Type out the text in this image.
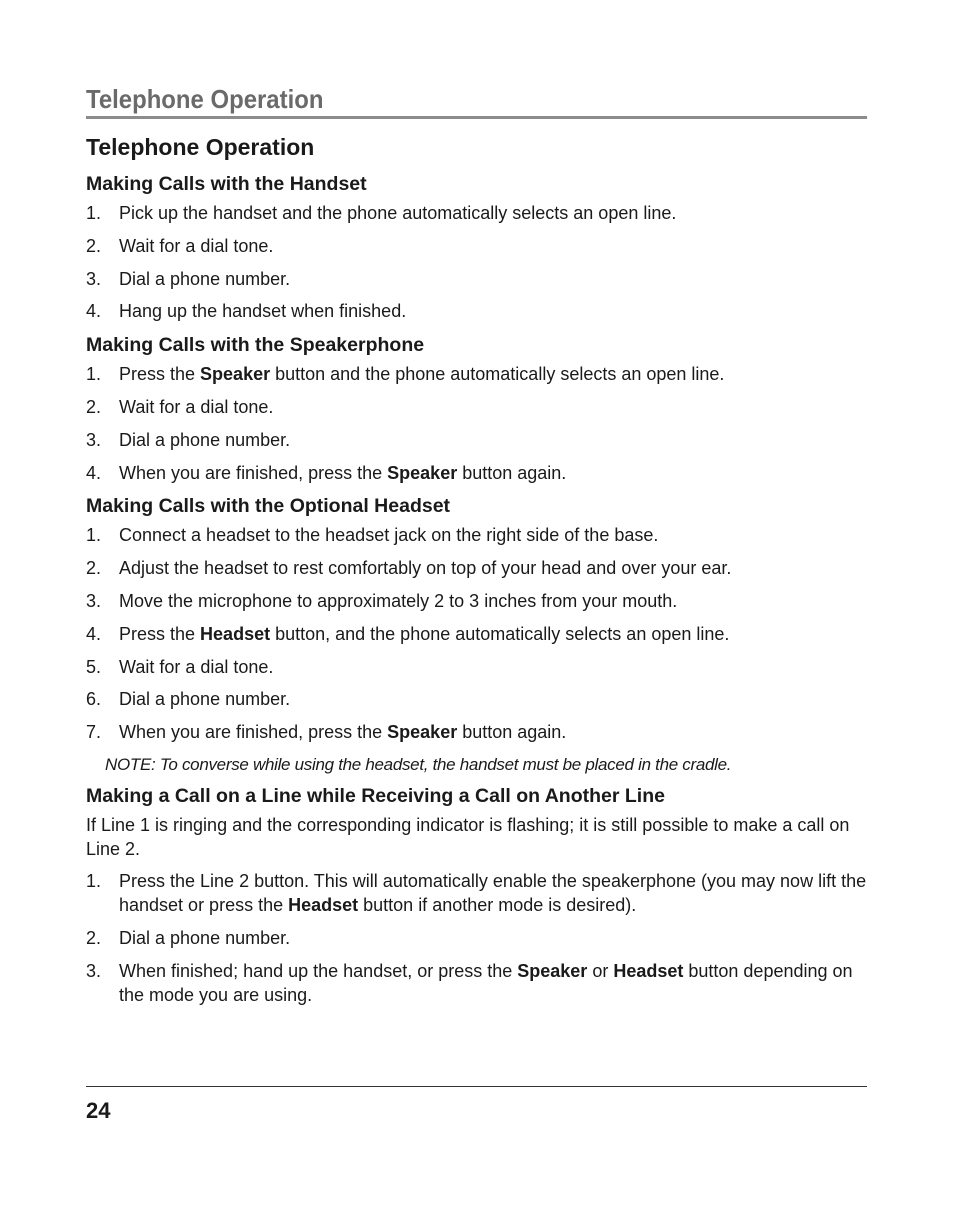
Telephone Operation
Telephone Operation
Making Calls with the Handset
1. Pick up the handset and the phone automatically selects an open line.
2. Wait for a dial tone.
3. Dial a phone number.
4. Hang up the handset when finished.
Making Calls with the Speakerphone
1. Press the Speaker button and the phone automatically selects an open line.
2. Wait for a dial tone.
3. Dial a phone number.
4. When you are finished, press the Speaker button again.
Making Calls with the Optional Headset
1. Connect a headset to the headset jack on the right side of the base.
2. Adjust the headset to rest comfortably on top of your head and over your ear.
3. Move the microphone to approximately 2 to 3 inches from your mouth.
4. Press the Headset button, and the phone automatically selects an open line.
5. Wait for a dial tone.
6. Dial a phone number.
7. When you are finished, press the Speaker button again.

NOTE: To converse while using the headset, the handset must be placed in the cradle.

Making a Call on a Line while Receiving a Call on Another Line

If Line 1 is ringing and the corresponding indicator is flashing; it is still possible to make a call on Line 2.

1. Press the Line 2 button. This will automatically enable the speakerphone (you may now lift the handset or press the Headset button if another mode is desired).
2. Dial a phone number.
3. When finished; hand up the handset, or press the Speaker or Headset button depending on the mode you are using.
24
